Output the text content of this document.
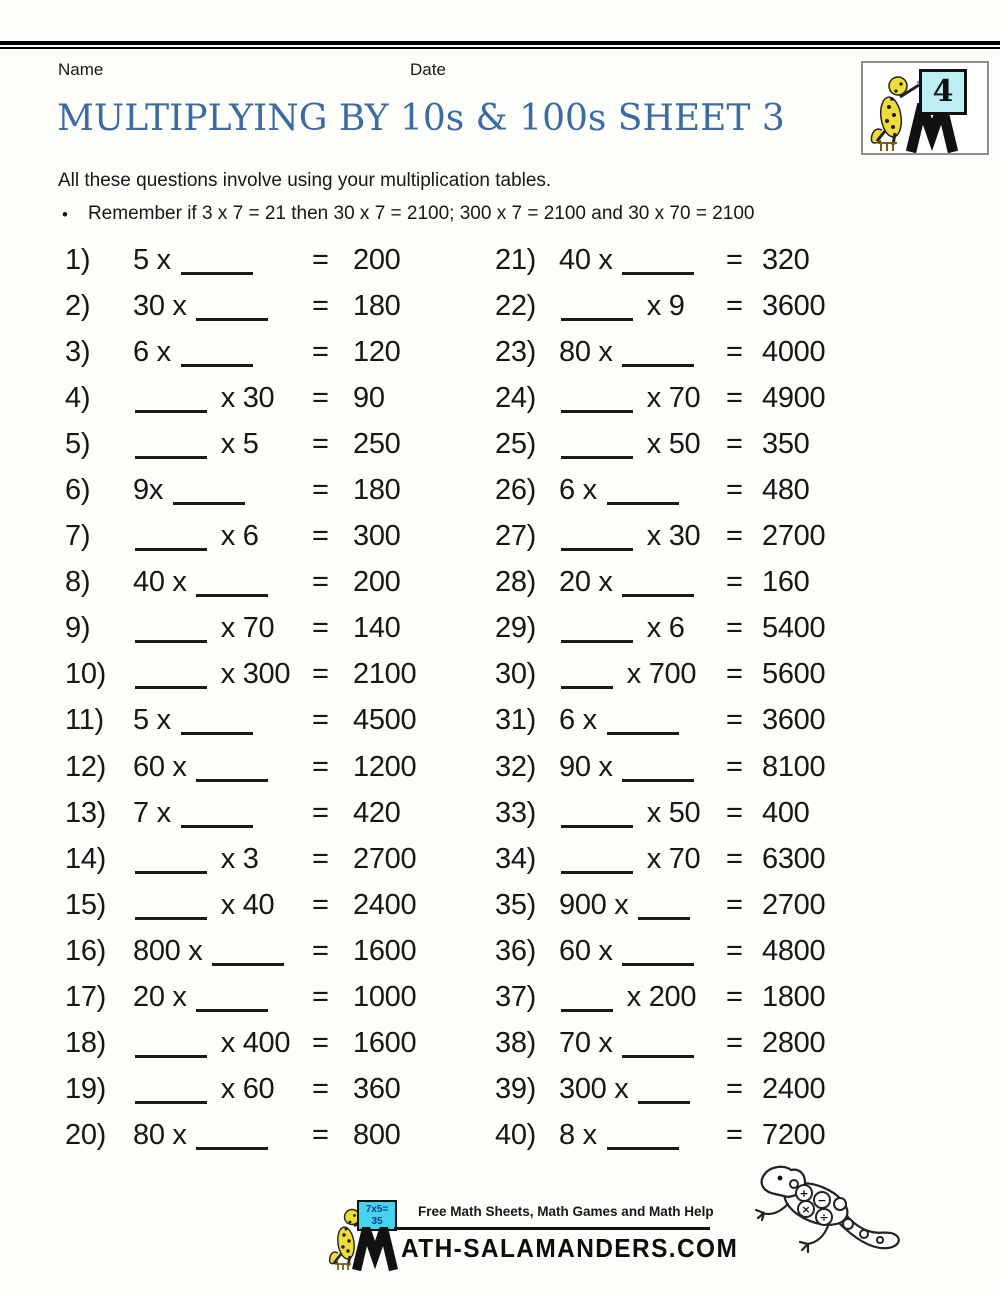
Name	Date
4
MULTIPLYING BY 10s & 100s SHEET 3
All these questions involve using your multiplication tables.
• Remember if 3 x 7 = 21 then 30 x 7 = 2100; 300 x 7 = 2100 and 30 x 70 = 2100
1)	5 x	= 200
2)	30 x	= 180
3)	6 x	= 120
4)	x 30	= 90
5)	x 5	= 250
6)	9x	= 180
7)	x 6	= 300
8)	40 x	= 200
9)	x 70	= 140
10)	x 300 = 2100
11)	5 x	= 4500
12) 60 x	= 1200
13) 7 x	= 420
14)	x 3	= 2700
15)	x 40	= 2400
16) 800 x	= 1600
17) 20 x	= 1000
18)	x 400 = 1600
19)	x 60	= 360
20) 80 x	= 800
21) 40 x	= 320
22)	x 9	= 3600
23) 80 x	= 4000
24)	x 70 = 4900
25)	x 50 = 350
26) 6 x	= 480
27)	x 30 = 2700
28) 20 x	= 160
29)	x 6	= 5400
30)	x 700	= 5600
31) 6 x	= 3600
32) 90 x	= 8100
33)	x 50 = 400
34)	x 70 = 6300
35) 900 x	= 2700
36) 60 x	= 4800
37)	x 200	= 1800
38) 70 x	= 2800
39) 300 x	= 2400
40) 8 x	= 7200
7x5=
35
Free Math Sheets, Math Games and Math Help
ATH-SALAMANDERS.COM
+
−
×
÷
